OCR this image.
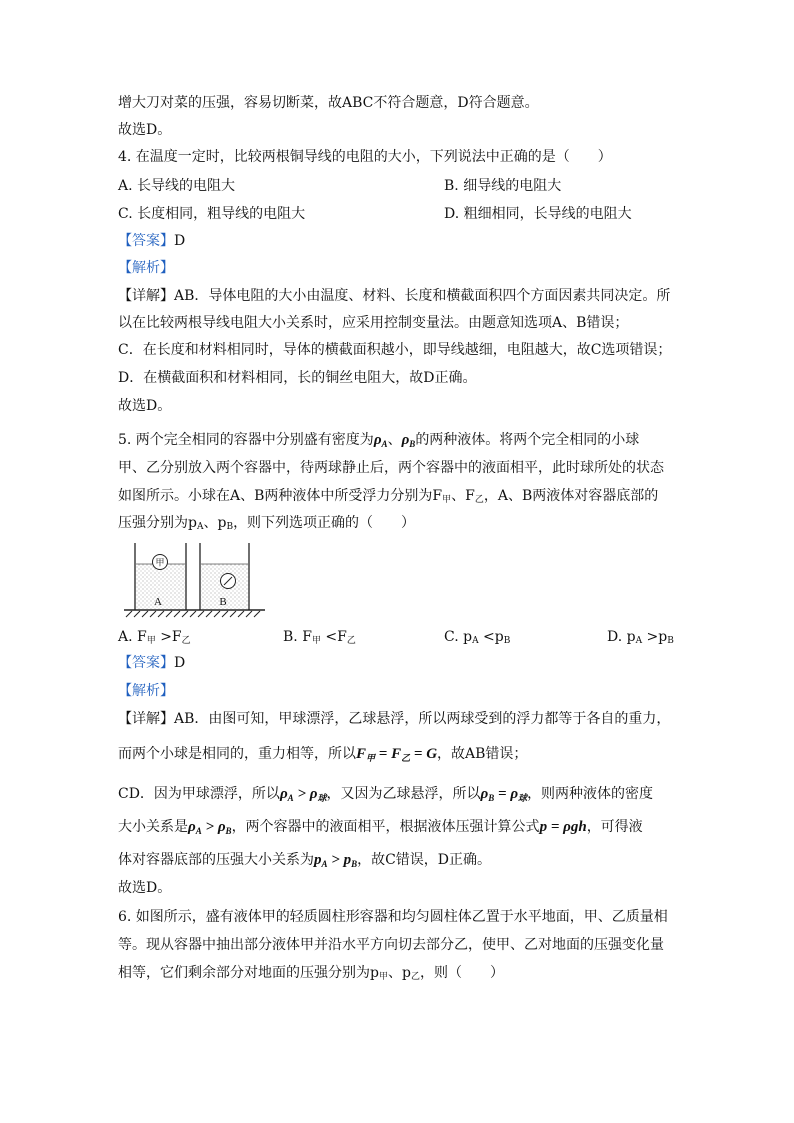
增大刀对菜的压强，容易切断菜，故ABC不符合题意，D符合题意。
故选D。
4. 在温度一定时，比较两根铜导线的电阻的大小，下列说法中正确的是（　　）
A. 长导线的电阻大	B. 细导线的电阻大
C. 长度相同，粗导线的电阻大	D. 粗细相同，长导线的电阻大
【答案】D
【解析】
【详解】AB．导体电阻的大小由温度、材料、长度和横截面积四个方面因素共同决定。所
以在比较两根导线电阻大小关系时，应采用控制变量法。由题意知选项A、B错误；
C．在长度和材料相同时，导体的横截面积越小，即导线越细，电阻越大，故C选项错误；
D．在横截面积和材料相同，长的铜丝电阻大，故D正确。
故选D。
5. 两个完全相同的容器中分别盛有密度为$\rho_A$、$\rho_B$的两种液体。将两个完全相同的小球
甲、乙分别放入两个容器中，待两球静止后，两个容器中的液面相平，此时球所处的状态
如图所示。小球在A、B两种液体中所受浮力分别为$F_甲$、$F_乙$，A、B两液体对容器底部的
压强分别为$p_A$、$p_B$，则下列选项正确的（　　）
甲
A	B
A. $F_甲 >F_乙$	B. $F_甲 <F_乙$	C. $p_A <p_B$	D. $p_A >p_B$
【答案】D
【解析】
【详解】AB．由图可知，甲球漂浮，乙球悬浮，所以两球受到的浮力都等于各自的重力，
而两个小球是相同的，重力相等，所以$F_甲 = F_乙 = G$，故AB错误；
CD．因为甲球漂浮，所以$\rho_A > \rho_球$，又因为乙球悬浮，所以$\rho_B = \rho_球$，则两种液体的密度
大小关系是$\rho_A > \rho_B$，两个容器中的液面相平，根据液体压强计算公式p = ρgh，可得液
体对容器底部的压强大小关系为$p_A > p_B$，故C错误，D正确。
故选D。
6. 如图所示，盛有液体甲的轻质圆柱形容器和均匀圆柱体乙置于水平地面，甲、乙质量相
等。现从容器中抽出部分液体甲并沿水平方向切去部分乙，使甲、乙对地面的压强变化量
相等，它们剩余部分对地面的压强分别为$p_甲$、$p_乙$，则（　　）
